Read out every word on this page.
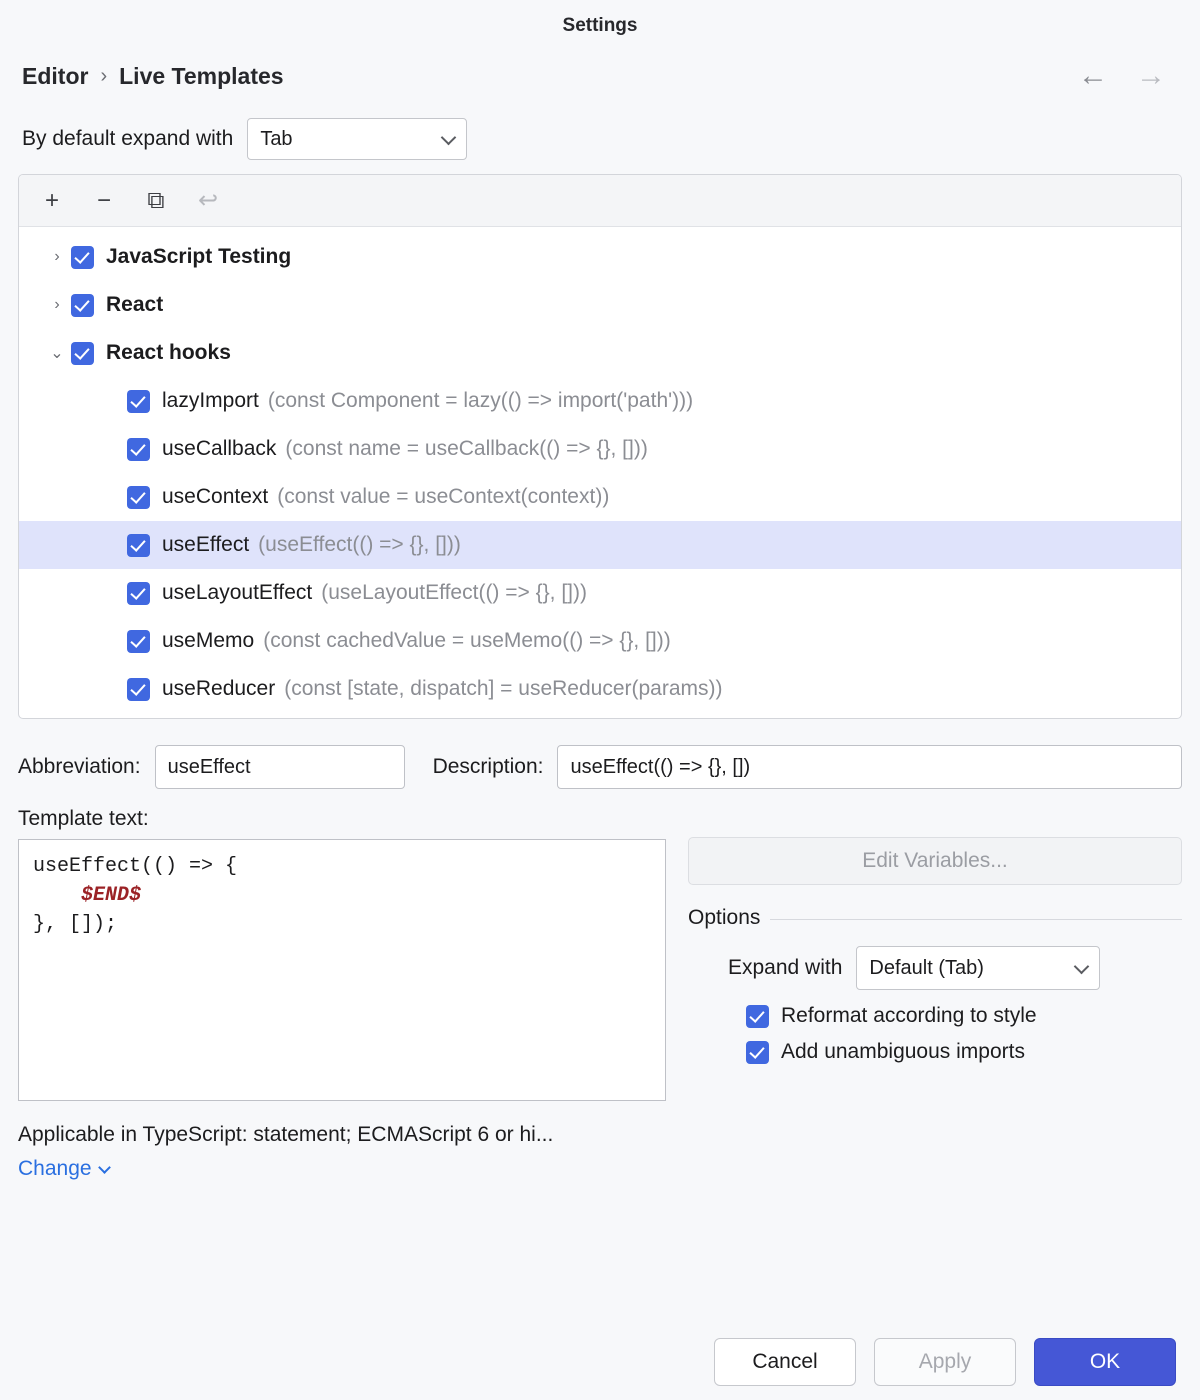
Settings
Editor › Live Templates	← →
By default expand with Tab
+	−	⧉	↩
›	JavaScript Testing
›	React
⌄	React hooks
lazyImport (const Component = lazy(() => import('path')))
useCallback (const name = useCallback(() => {}, []))
useContext (const value = useContext(context))
useEffect (useEffect(() => {}, []))
useLayoutEffect (useLayoutEffect(() => {}, []))
useMemo (const cachedValue = useMemo(() => {}, []))
useReducer (const [state, dispatch] = useReducer(params))
Abbreviation: useEffect	Description: useEffect(() => {}, [])
Template text:
useEffect(() => {
$END$
}, []);
Edit Variables...
Options
Expand with Default (Tab)
Reformat according to style
Add unambiguous imports
Applicable in TypeScript: statement; ECMAScript 6 or hi...
Change
Cancel	Apply	OK
